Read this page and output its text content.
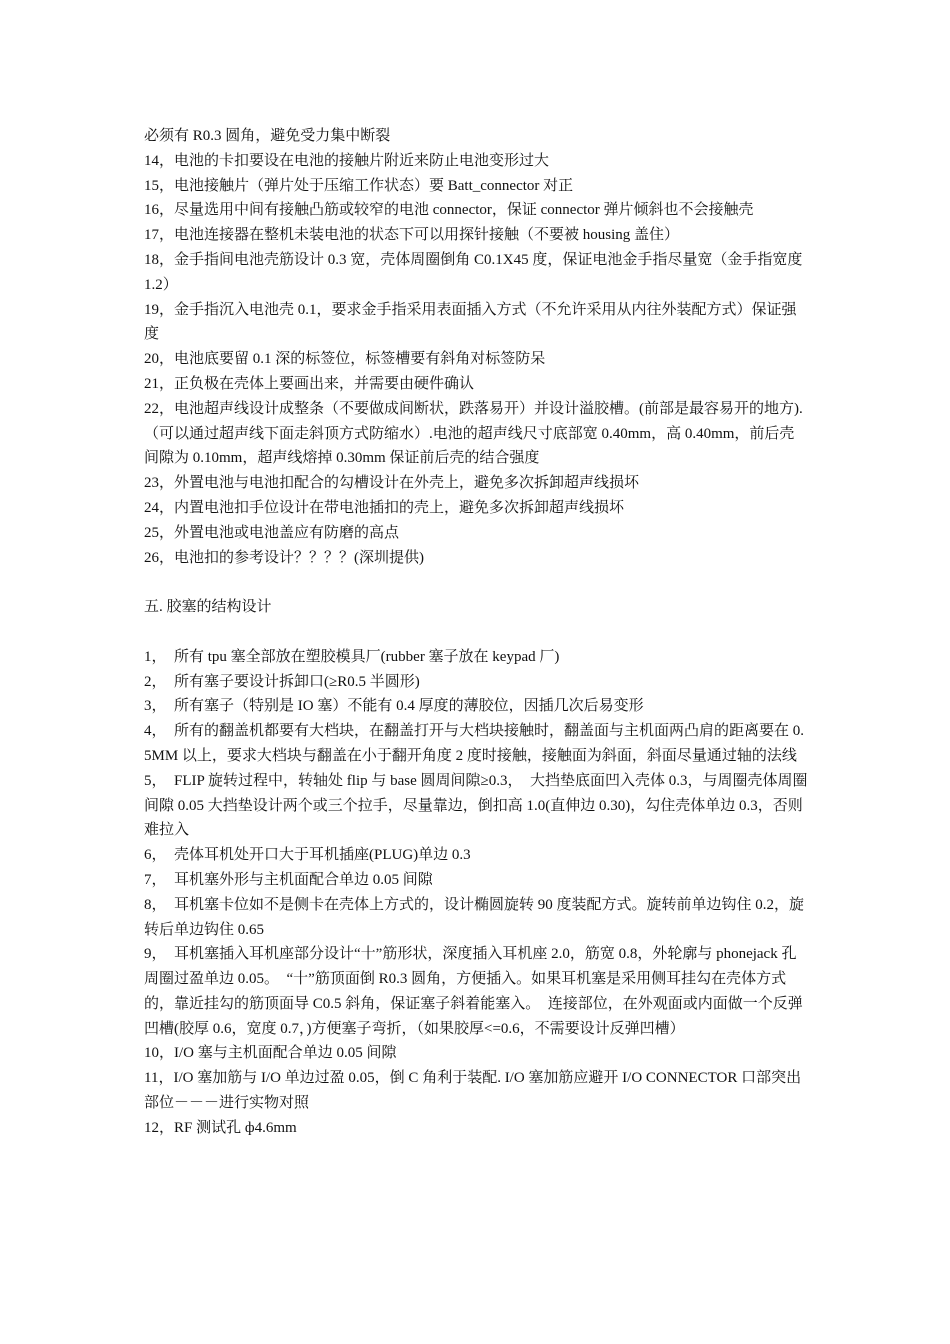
必须有 R0.3 圆角，避免受力集中断裂

14，电池的卡扣要设在电池的接触片附近来防止电池变形过大

15，电池接触片（弹片处于压缩工作状态）要 Batt_connector 对正

16，尽量选用中间有接触凸筋或较窄的电池 connector，保证 connector 弹片倾斜也不会接触壳

17，电池连接器在整机未装电池的状态下可以用探针接触（不要被 housing 盖住）

18，金手指间电池壳筋设计 0.3 宽，壳体周圈倒角 C0.1X45 度，保证电池金手指尽量宽（金手指宽度 1.2）

19，金手指沉入电池壳 0.1，要求金手指采用表面插入方式（不允许采用从内往外装配方式）保证强度

20，电池底要留 0.1 深的标签位，标签槽要有斜角对标签防呆

21，正负极在壳体上要画出来，并需要由硬件确认

22，电池超声线设计成整条（不要做成间断状，跌落易开）并设计溢胶槽。(前部是最容易开的地方).（可以通过超声线下面走斜顶方式防缩水）.电池的超声线尺寸底部宽 0.40mm，高 0.40mm，前后壳间隙为 0.10mm，超声线熔掉 0.30mm 保证前后壳的结合强度

23，外置电池与电池扣配合的勾槽设计在外壳上，避免多次拆卸超声线损坏

24，内置电池扣手位设计在带电池插扣的壳上，避免多次拆卸超声线损坏

25，外置电池或电池盖应有防磨的高点

26，电池扣的参考设计？？？？(深圳提供)

五. 胶塞的结构设计

1，　所有 tpu 塞全部放在塑胶模具厂(rubber 塞子放在 keypad 厂)

2，　所有塞子要设计拆卸口(≥R0.5 半圆形)

3，　所有塞子（特别是 IO 塞）不能有 0.4 厚度的薄胶位，因插几次后易变形

4，　所有的翻盖机都要有大档块，在翻盖打开与大档块接触时，翻盖面与主机面两凸肩的距离要在 0.5MM 以上，要求大档块与翻盖在小于翻开角度 2 度时接触，接触面为斜面，斜面尽量通过轴的法线

5，　FLIP 旋转过程中，转轴处 flip 与 base 圆周间隙≥0.3，　大挡垫底面凹入壳体 0.3，与周圈壳体周圈间隙 0.05 大挡垫设计两个或三个拉手，尽量靠边，倒扣高 1.0(直伸边 0.30)，勾住壳体单边 0.3，否则难拉入

6，　壳体耳机处开口大于耳机插座(PLUG)单边 0.3

7，　耳机塞外形与主机面配合单边 0.05 间隙

8，　耳机塞卡位如不是侧卡在壳体上方式的，设计椭圆旋转 90 度装配方式。旋转前单边钩住 0.2，旋转后单边钩住 0.65

9，　耳机塞插入耳机座部分设计“十”筋形状，深度插入耳机座 2.0，筋宽 0.8，外轮廓与 phonejack 孔周圈过盈单边 0.05。　“十”筋顶面倒 R0.3 圆角，方便插入。如果耳机塞是采用侧耳挂勾在壳体方式的，靠近挂勾的筋顶面导 C0.5 斜角，保证塞子斜着能塞入。　连接部位，在外观面或内面做一个反弹凹槽(胶厚 0.6，宽度 0.7，)方便塞子弯折，（如果胶厚<=0.6，不需要设计反弹凹槽）

10，I/O 塞与主机面配合单边 0.05 间隙

11，I/O 塞加筋与 I/O 单边过盈 0.05，倒 C 角利于装配. I/O 塞加筋应避开 I/O CONNECTOR 口部突出部位－－－进行实物对照

12，RF 测试孔 ф4.6mm
